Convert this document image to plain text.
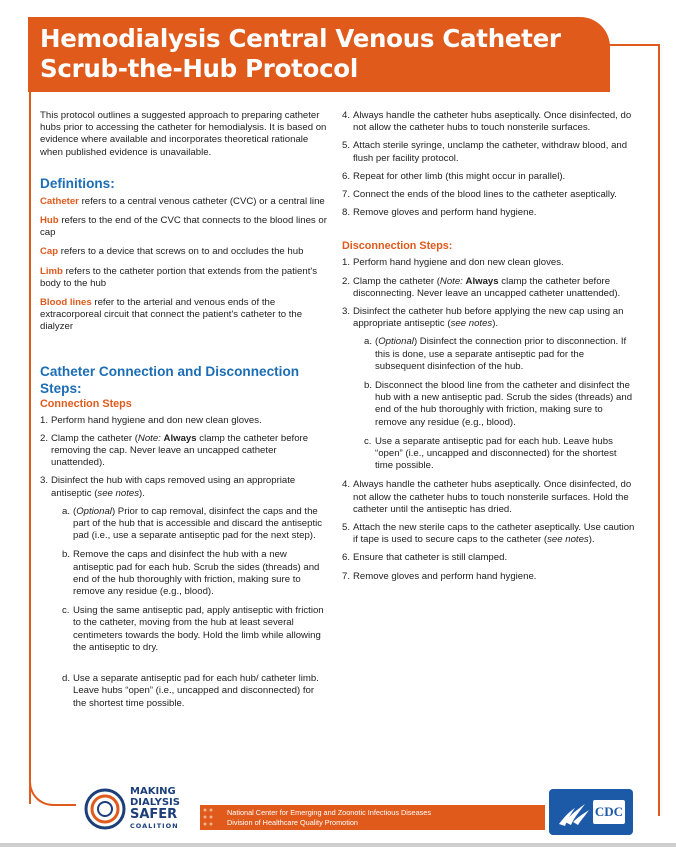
Hemodialysis Central Venous Catheter
Scrub-the-Hub Protocol

This protocol outlines a suggested approach to preparing catheter hubs prior to accessing the catheter for hemodialysis. It is based on evidence where available and incorporates theoretical rationale when published evidence is unavailable.

Definitions:
Catheter refers to a central venous catheter (CVC) or a central line
Hub refers to the end of the CVC that connects to the blood lines or cap
Cap refers to a device that screws on to and occludes the hub
Limb refers to the catheter portion that extends from the patient's body to the hub
Blood lines refer to the arterial and venous ends of the extracorporeal circuit that connect the patient's catheter to the dialyzer
Catheter Connection and Disconnection Steps:
Connection Steps
1. Perform hand hygiene and don new clean gloves.
2. Clamp the catheter (Note: Always clamp the catheter before removing the cap. Never leave an uncapped catheter unattended).
3. Disinfect the hub with caps removed using an appropriate antiseptic (see notes).
a. (Optional) Prior to cap removal, disinfect the caps and the part of the hub that is accessible and discard the antiseptic pad (i.e., use a separate antiseptic pad for the next step).
b. Remove the caps and disinfect the hub with a new antiseptic pad for each hub. Scrub the sides (threads) and end of the hub thoroughly with friction, making sure to remove any residue (e.g., blood).
c. Using the same antiseptic pad, apply antiseptic with friction to the catheter, moving from the hub at least several centimeters towards the body. Hold the limb while allowing the antiseptic to dry.
d. Use a separate antiseptic pad for each hub/ catheter limb. Leave hubs “open” (i.e., uncapped and disconnected) for the shortest time possible.
4. Always handle the catheter hubs aseptically. Once disinfected, do not allow the catheter hubs to touch nonsterile surfaces.
5. Attach sterile syringe, unclamp the catheter, withdraw blood, and flush per facility protocol.
6. Repeat for other limb (this might occur in parallel).
7. Connect the ends of the blood lines to the catheter aseptically.
8. Remove gloves and perform hand hygiene.
Disconnection Steps:
1. Perform hand hygiene and don new clean gloves.
2. Clamp the catheter (Note: Always clamp the catheter before disconnecting. Never leave an uncapped catheter unattended).
3. Disinfect the catheter hub before applying the new cap using an appropriate antiseptic (see notes).
a. (Optional) Disinfect the connection prior to disconnection. If this is done, use a separate antiseptic pad for the subsequent disinfection of the hub.
b. Disconnect the blood line from the catheter and disinfect the hub with a new antiseptic pad. Scrub the sides (threads) and end of the hub thoroughly with friction, making sure to remove any residue (e.g., blood).
c. Use a separate antiseptic pad for each hub. Leave hubs “open” (i.e., uncapped and disconnected) for the shortest time possible.
4. Always handle the catheter hubs aseptically. Once disinfected, do not allow the catheter hubs to touch nonsterile surfaces. Hold the catheter until the antiseptic has dried.
5. Attach the new sterile caps to the catheter aseptically. Use caution if tape is used to secure caps to the catheter (see notes).
6. Ensure that catheter is still clamped.
7. Remove gloves and perform hand hygiene.
MAKING
DIALYSIS
SAFER
COALITION
National Center for Emerging and Zoonotic Infectious Diseases
Division of Healthcare Quality Promotion
CDC
